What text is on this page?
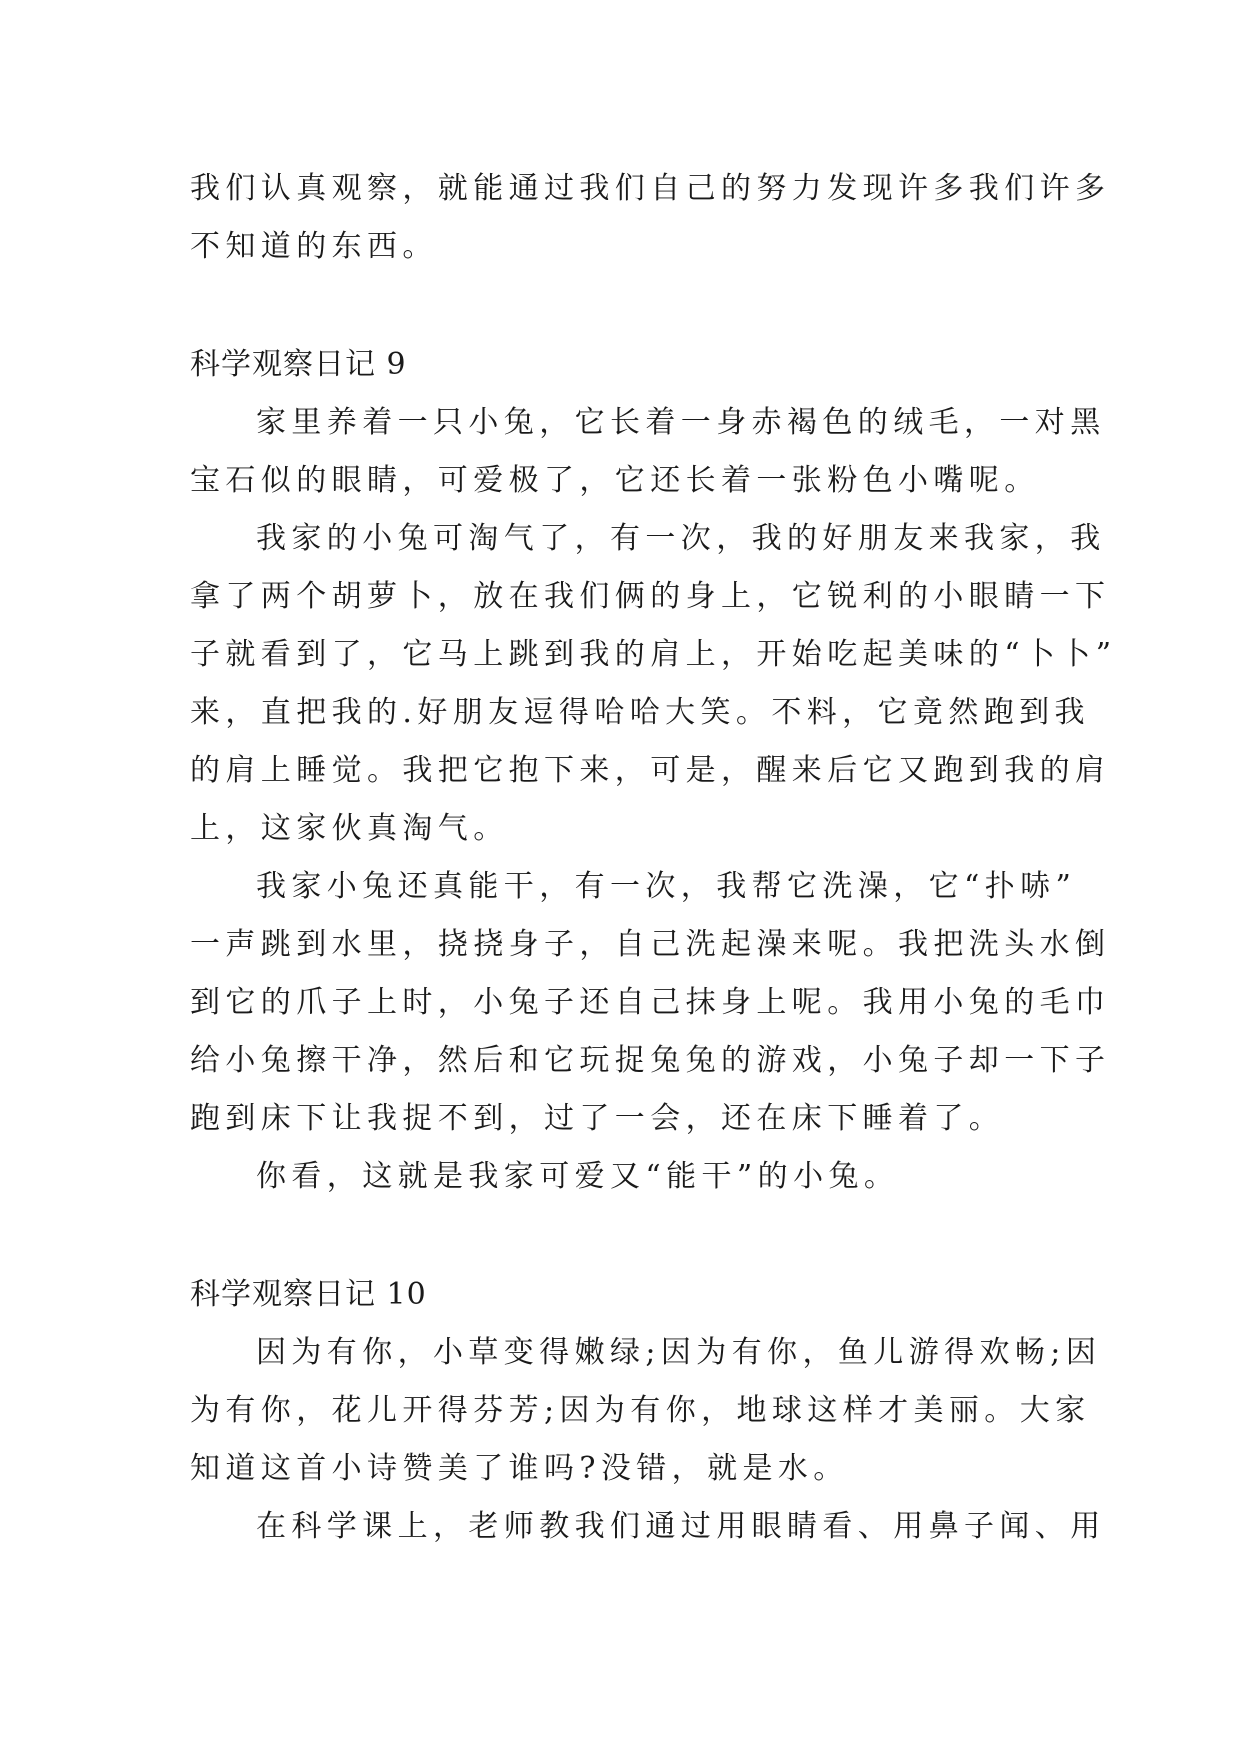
我们认真观察，就能通过我们自己的努力发现许多我们许多
不知道的东西。
科学观察日记 9
家里养着一只小兔，它长着一身赤褐色的绒毛，一对黑
宝石似的眼睛，可爱极了，它还长着一张粉色小嘴呢。
我家的小兔可淘气了，有一次，我的好朋友来我家，我
拿了两个胡萝卜，放在我们俩的身上，它锐利的小眼睛一下
子就看到了，它马上跳到我的肩上，开始吃起美味的“卜卜”
来，直把我的.好朋友逗得哈哈大笑。不料，它竟然跑到我
的肩上睡觉。我把它抱下来，可是，醒来后它又跑到我的肩
上，这家伙真淘气。
我家小兔还真能干，有一次，我帮它洗澡，它“扑哧”
一声跳到水里，挠挠身子，自己洗起澡来呢。我把洗头水倒
到它的爪子上时，小兔子还自己抹身上呢。我用小兔的毛巾
给小兔擦干净，然后和它玩捉兔兔的游戏，小兔子却一下子
跑到床下让我捉不到，过了一会，还在床下睡着了。
你看，这就是我家可爱又“能干”的小兔。
科学观察日记 10
因为有你，小草变得嫩绿;因为有你，鱼儿游得欢畅;因
为有你，花儿开得芬芳;因为有你，地球这样才美丽。大家
知道这首小诗赞美了谁吗?没错，就是水。
在科学课上，老师教我们通过用眼睛看、用鼻子闻、用
